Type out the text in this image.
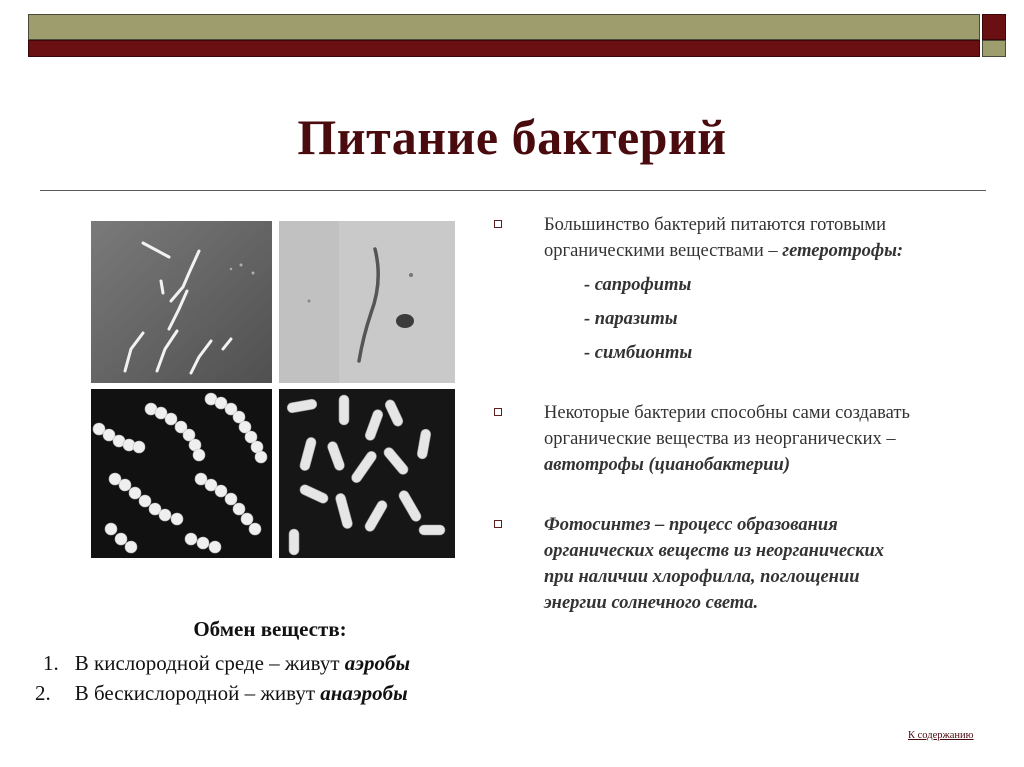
Питание бактерий
Большинство бактерий питаются готовыми
органическими веществами – гетеротрофы:
- сапрофиты
- паразиты
- симбионты
Некоторые бактерии способны сами создавать
органические вещества из неорганических –
автотрофы (цианобактерии)
Фотосинтез – процесс образования
органических веществ из неорганических
при наличии хлорофилла, поглощении
энергии солнечного света.
Обмен веществ:
1. В кислородной среде – живут аэробы
2. В бескислородной – живут анаэробы
К содержанию
